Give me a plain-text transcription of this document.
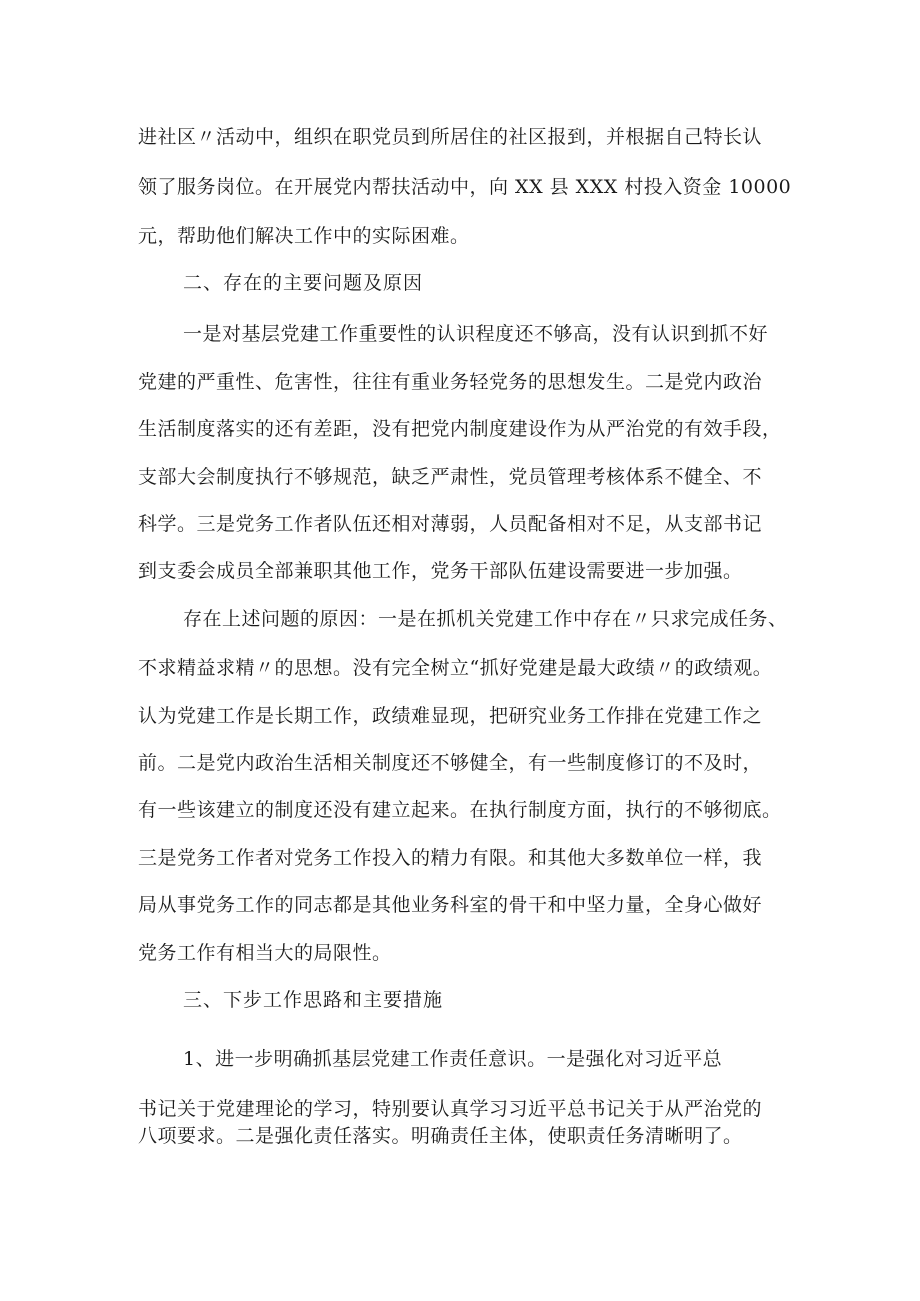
进社区〃活动中，组织在职党员到所居住的社区报到，并根据自己特长认
领了服务岗位。在开展党内帮扶活动中，向 XX 县 XXX 村投入资金 10000
元，帮助他们解决工作中的实际困难。
二、存在的主要问题及原因
一是对基层党建工作重要性的认识程度还不够高，没有认识到抓不好
党建的严重性、危害性，往往有重业务轻党务的思想发生。二是党内政治
生活制度落实的还有差距，没有把党内制度建设作为从严治党的有效手段，
支部大会制度执行不够规范，缺乏严肃性，党员管理考核体系不健全、不
科学。三是党务工作者队伍还相对薄弱，人员配备相对不足，从支部书记
到支委会成员全部兼职其他工作，党务干部队伍建设需要进一步加强。
存在上述问题的原因：一是在抓机关党建工作中存在〃只求完成任务、
不求精益求精〃的思想。没有完全树立“抓好党建是最大政绩〃的政绩观。
认为党建工作是长期工作，政绩难显现，把研究业务工作排在党建工作之
前。二是党内政治生活相关制度还不够健全，有一些制度修订的不及时，
有一些该建立的制度还没有建立起来。在执行制度方面，执行的不够彻底。
三是党务工作者对党务工作投入的精力有限。和其他大多数单位一样，我
局从事党务工作的同志都是其他业务科室的骨干和中坚力量，全身心做好
党务工作有相当大的局限性。
三、下步工作思路和主要措施
1、进一步明确抓基层党建工作责任意识。一是强化对习近平总
书记关于党建理论的学习，特别要认真学习习近平总书记关于从严治党的
八项要求。二是强化责任落实。明确责任主体，使职责任务清晰明了。
